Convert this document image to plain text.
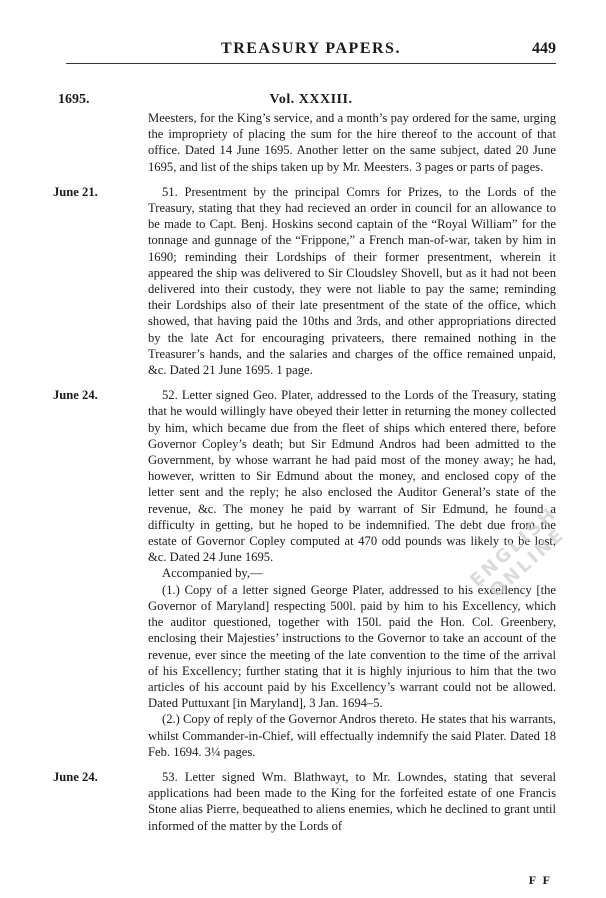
TREASURY PAPERS.	449
1695.	Vol. XXXIII.

Meesters, for the King’s service, and a month’s pay ordered for the same, urging the impropriety of placing the sum for the hire thereof to the account of that office. Dated 14 June 1695. Another letter on the same subject, dated 20 June 1695, and list of the ships taken up by Mr. Meesters. 3 pages or parts of pages.

June 21.	51. Presentment by the principal Comrs for Prizes, to the Lords of the Treasury, stating that they had recieved an order in council for an allowance to be made to Capt. Benj. Hoskins second captain of the “Royal William” for the tonnage and gunnage of the “Frippone,” a French man-of-war, taken by him in 1690; reminding their Lordships of their former presentment, wherein it appeared the ship was delivered to Sir Cloudsley Shovell, but as it had not been delivered into their custody, they were not liable to pay the same; reminding their Lordships also of their late presentment of the state of the office, which showed, that having paid the 10ths and 3rds, and other appropriations directed by the late Act for encouraging privateers, there remained nothing in the Treasurer’s hands, and the salaries and charges of the office remained unpaid, &c. Dated 21 June 1695. 1 page.

June 24.	52. Letter signed Geo. Plater, addressed to the Lords of the Treasury, stating that he would willingly have obeyed their letter in returning the money collected by him, which became due from the fleet of ships which entered there, before Governor Copley’s death; but Sir Edmund Andros had been admitted to the Government, by whose warrant he had paid most of the money away; he had, however, written to Sir Edmund about the money, and enclosed copy of the letter sent and the reply; he also enclosed the Auditor General’s state of the revenue, &c. The money he paid by warrant of Sir Edmund, he found a difficulty in getting, but he hoped to be indemnified. The debt due from the estate of Governor Copley computed at 470 odd pounds was likely to be lost, &c. Dated 24 June 1695.

Accompanied by,—

(1.) Copy of a letter signed George Plater, addressed to his excellency [the Governor of Maryland] respecting 500l. paid by him to his Excellency, which the auditor questioned, together with 150l. paid the Hon. Col. Greenbery, enclosing their Majesties’ instructions to the Governor to take an account of the revenue, ever since the meeting of the late convention to the time of the arrival of his Excellency; further stating that it is highly injurious to him that the two articles of his account paid by his Excellency’s warrant could not be allowed. Dated Puttuxant [in Maryland], 3 Jan. 1694–5.

(2.) Copy of reply of the Governor Andros thereto. He states that his warrants, whilst Commander-in-Chief, will effectually indemnify the said Plater. Dated 18 Feb. 1694. 3¼ pages.

June 24.	53. Letter signed Wm. Blathwayt, to Mr. Lowndes, stating that several applications had been made to the King for the forfeited estate of one Francis Stone alias Pierre, bequeathed to aliens enemies, which he declined to grant until informed of the matter by the Lords of

F F
ENGLISH ONLINE
